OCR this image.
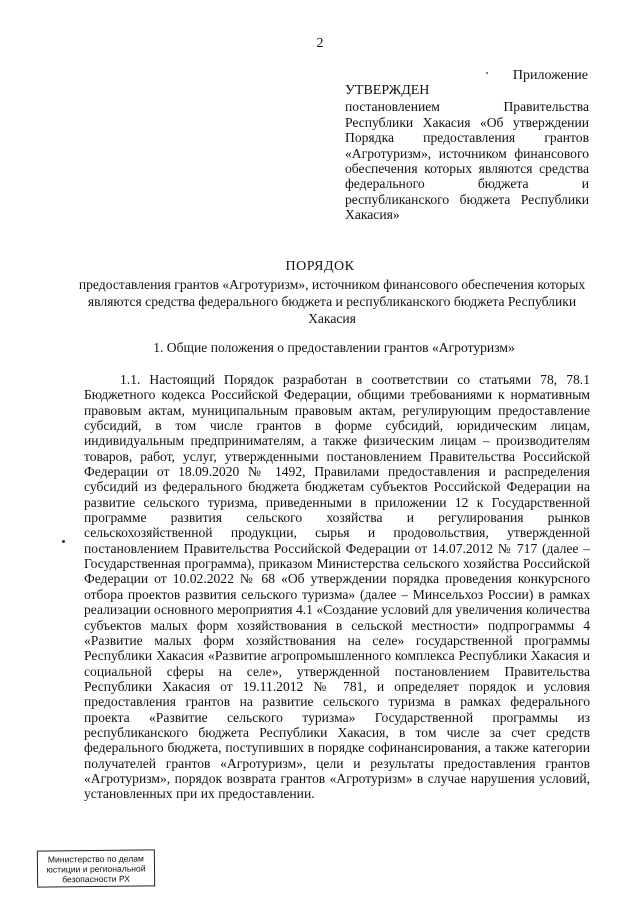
2
Приложение
УТВЕРЖДЕН
постановлением Правительства Республики Хакасия «Об утверждении Порядка предоставления грантов «Агротуризм», источником финансового обеспечения которых являются средства федерального бюджета и республиканского бюджета Республики Хакасия»
ПОРЯДОК
предоставления грантов «Агротуризм», источником финансового обеспечения которых являются средства федерального бюджета и республиканского бюджета Республики Хакасия
1. Общие положения о предоставлении грантов «Агротуризм»

1.1. Настоящий Порядок разработан в соответствии со статьями 78, 78.1 Бюджетного кодекса Российской Федерации, общими требованиями к нормативным правовым актам, муниципальным правовым актам, регулирующим предоставление субсидий, в том числе грантов в форме субсидий, юридическим лицам, индивидуальным предпринимателям, а также физическим лицам – производителям товаров, работ, услуг, утвержденными постановлением Правительства Российской Федерации от 18.09.2020 № 1492, Правилами предоставления и распределения субсидий из федерального бюджета бюджетам субъектов Российской Федерации на развитие сельского туризма, приведенными в приложении 12 к Государственной программе развития сельского хозяйства и регулирования рынков сельскохозяйственной продукции, сырья и продовольствия, утвержденной постановлением Правительства Российской Федерации от 14.07.2012 № 717 (далее – Государственная программа), приказом Министерства сельского хозяйства Российской Федерации от 10.02.2022 № 68 «Об утверждении порядка проведения конкурсного отбора проектов развития сельского туризма» (далее – Минсельхоз России) в рамках реализации основного мероприятия 4.1 «Создание условий для увеличения количества субъектов малых форм хозяйствования в сельской местности» подпрограммы 4 «Развитие малых форм хозяйствования на селе» государственной программы Республики Хакасия «Развитие агропромышленного комплекса Республики Хакасия и социальной сферы на селе», утвержденной постановлением Правительства Республики Хакасия от 19.11.2012 № 781, и определяет порядок и условия предоставления грантов на развитие сельского туризма в рамках федерального проекта «Развитие сельского туризма» Государственной программы из республиканского бюджета Республики Хакасия, в том числе за счет средств федерального бюджета, поступивших в порядке софинансирования, а также категории получателей грантов «Агротуризм», цели и результаты предоставления грантов «Агротуризм», порядок возврата грантов «Агротуризм» в случае нарушения условий, установленных при их предоставлении.

Министерство по делам
юстиции и региональной
безопасности РХ
